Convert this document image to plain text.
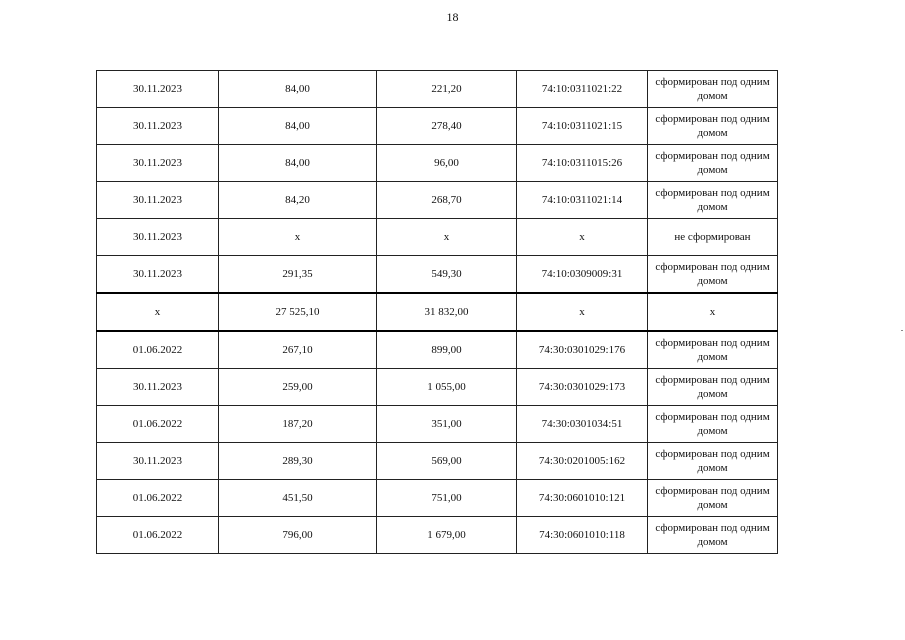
18
30.11.2023	84,00	221,20	74:10:0311021:22	сформирован под одним домом
30.11.2023	84,00	278,40	74:10:0311021:15	сформирован под одним домом
30.11.2023	84,00	96,00	74:10:0311015:26	сформирован под одним домом
30.11.2023	84,20	268,70	74:10:0311021:14	сформирован под одним домом
30.11.2023	x	x	x	не сформирован
30.11.2023	291,35	549,30	74:10:0309009:31	сформирован под одним домом
x	27 525,10	31 832,00	x	x
01.06.2022	267,10	899,00	74:30:0301029:176	сформирован под одним домом
30.11.2023	259,00	1 055,00	74:30:0301029:173	сформирован под одним домом
01.06.2022	187,20	351,00	74:30:0301034:51	сформирован под одним домом
30.11.2023	289,30	569,00	74:30:0201005:162	сформирован под одним домом
01.06.2022	451,50	751,00	74:30:0601010:121	сформирован под одним домом
01.06.2022	796,00	1 679,00	74:30:0601010:118	сформирован под одним домом
